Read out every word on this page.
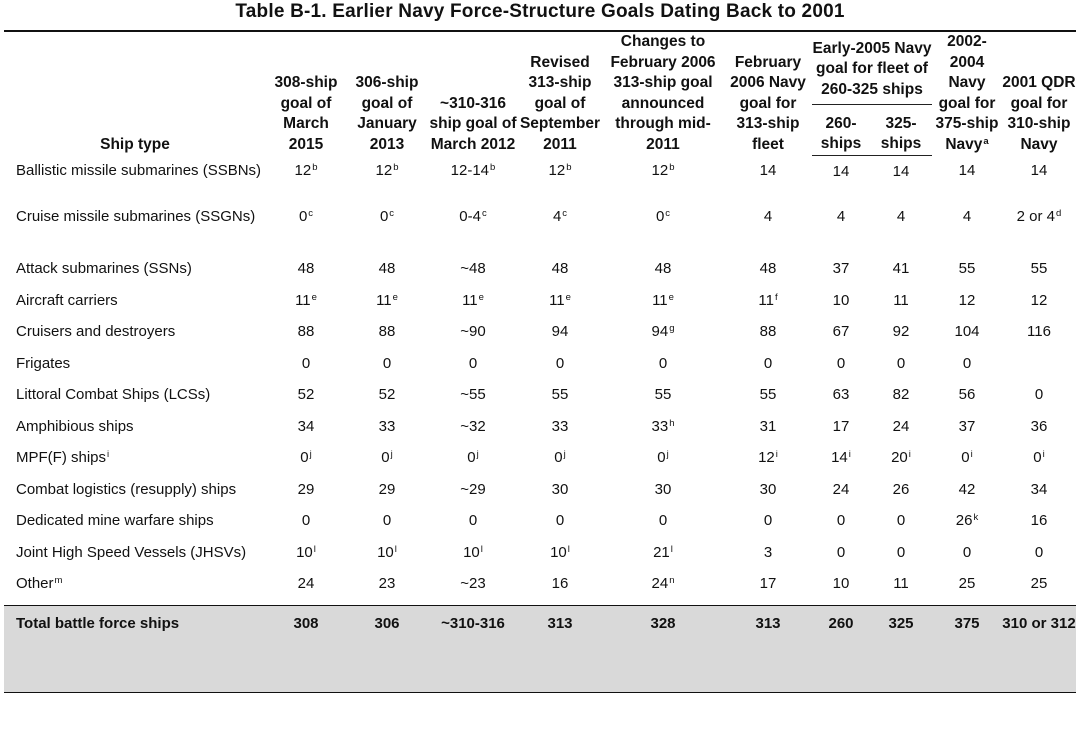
Table B-1. Earlier Navy Force-Structure Goals Dating Back to 2001
Ship type	308-ship goal of March 2015	306-ship goal of January 2013	~310-316 ship goal of March 2012	Revised 313-ship goal of September 2011	Changes to February 2006 313-ship goal announced through mid-2011	February 2006 Navy goal for 313-ship fleet	Early-2005 Navy goal for fleet of 260-325 ships		2002-2004 Navy goal for 375-ship Navy$^a$	2001 QDR goal for 310-ship Navy
							260-ships	325-ships		
Ballistic missile submarines (SSBNs)	12$^b$	12$^b$	12-14$^b$	12$^b$	12$^b$	14	14	14	14	14
Cruise missile submarines (SSGNs)	0$^c$	0$^c$	0-4$^c$	4$^c$	0$^c$	4	4	4	4	2 or 4$^d$
Attack submarines (SSNs)	48	48	~48	48	48	48	37	41	55	55
Aircraft carriers	11e	11e	11e	11e	11e	11$^f$	10	11	12	12
Cruisers and destroyers	88	88	~90	94	94$^g$	88	67	92	104	116
Frigates	0	0	0	0	0	0	0	0	0	
Littoral Combat Ships (LCSs)	52	52	~55	55	55	55	63	82	56	0
Amphibious ships	34	33	~32	33	33$^h$	31	17	24	37	36
MPF(F) ships$^i$	0$^j$	0$^j$	0$^j$	0$^j$	0$^j$	12$^i$	14$^i$	20$^i$	0$^i$	0$^i$
Combat logistics (resupply) ships	29	29	~29	30	30	30	24	26	42	34
Dedicated mine warfare ships	0	0	0	0	0	0	0	0	26$^k$	16
Joint High Speed Vessels (JHSVs)	10$^l$	10$^l$	10$^l$	10$^l$	21$^l$	3	0	0	0	0
Other$^m$	24	23	~23	16	24$^n$	17	10	11	25	25
Total battle force ships	308	306	~310-316	313	328	313	260	325	375	310 or 312
